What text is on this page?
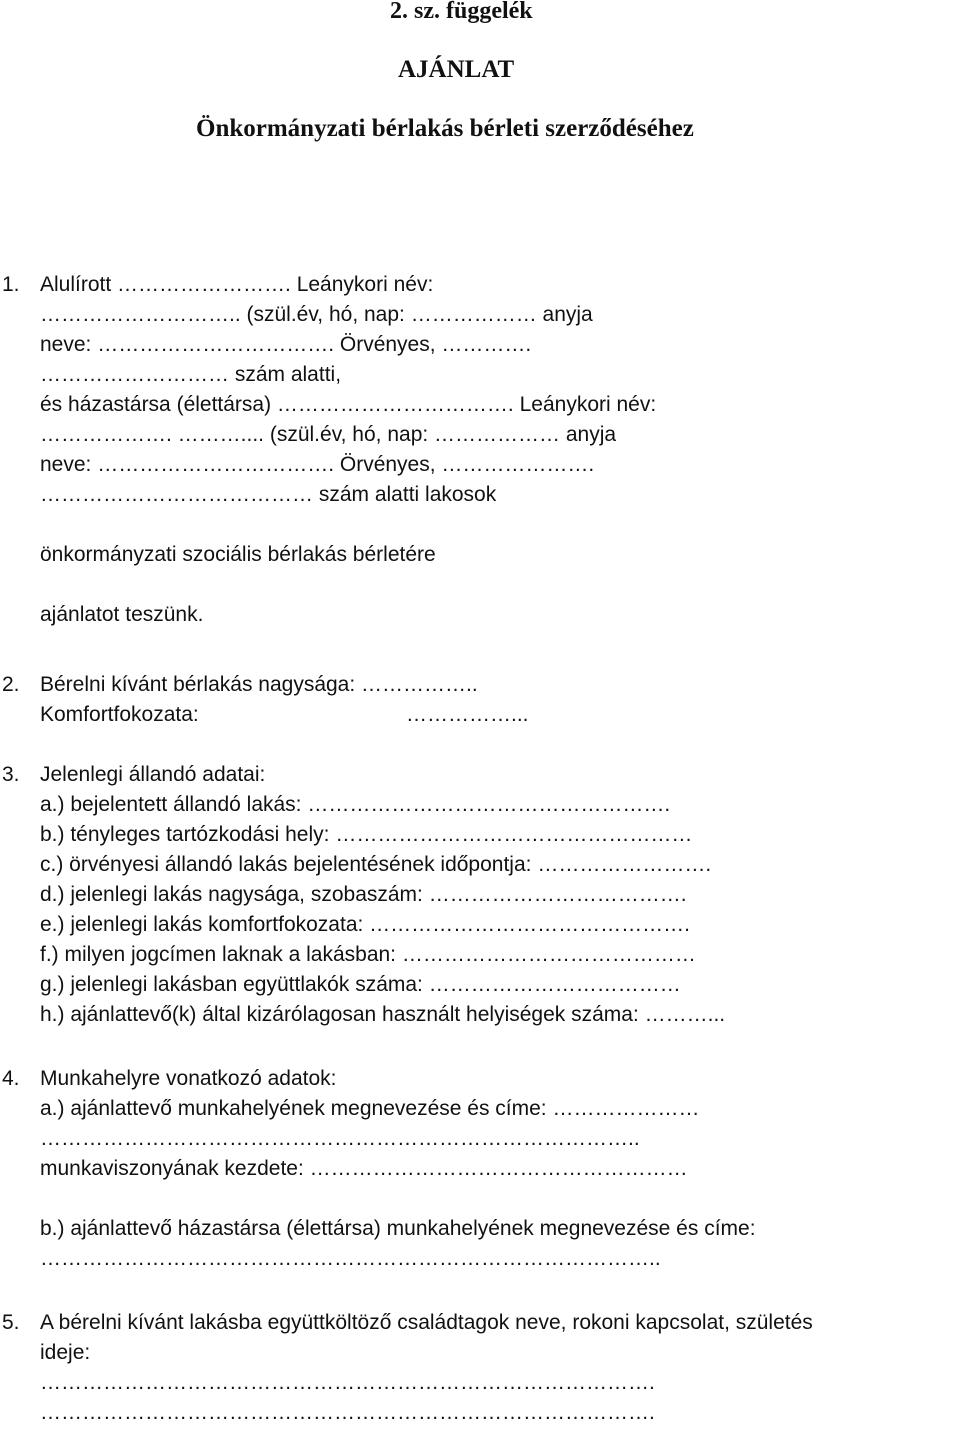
2. sz. függelék
AJÁNLAT
Önkormányzati bérlakás bérleti szerződéséhez
1. Alulírott ……………………. Leánykori név:
……………………….. (szül.év, hó, nap: ……………… anyja
neve: ……………………………. Örvényes, ………….
……………………… szám alatti,
és házastársa (élettársa) ……………………………. Leánykori név:
………………. ……….... (szül.év, hó, nap: ……………… anyja
neve: ……………………………. Örvényes, ………………….
………………………………… szám alatti lakosok
önkormányzati szociális bérlakás bérletére
ajánlatot teszünk.
2. Bérelni kívánt bérlakás nagysága: ……………..
Komfortfokozata:	……………...
3. Jelenlegi állandó adatai:
a.) bejelentett állandó lakás: …………………………………………….
b.) tényleges tartózkodási hely: ……………………………………………
c.) örvényesi állandó lakás bejelentésének időpontja: …………………….
d.) jelenlegi lakás nagysága, szobaszám: ……………………………….
e.) jelenlegi lakás komfortfokozata: ……………………………………….
f.) milyen jogcímen laknak a lakásban: ……………………………………
g.) jelenlegi lakásban együttlakók száma: ………………………………
h.) ajánlattevő(k) által kizárólagosan használt helyiségek száma: ………...
4. Munkahelyre vonatkozó adatok:
a.) ajánlattevő munkahelyének megnevezése és címe: …………………
…………………………………………………………………………..
munkaviszonyának kezdete: ………………………………………………
b.) ajánlattevő házastársa (élettársa) munkahelyének megnevezése és címe:
……………………………………………………………………………..
5. A bérelni kívánt lakásba együttköltöző családtagok neve, rokoni kapcsolat, születés
ideje:
…………………………………………………………………………….
…………………………………………………………………………….
